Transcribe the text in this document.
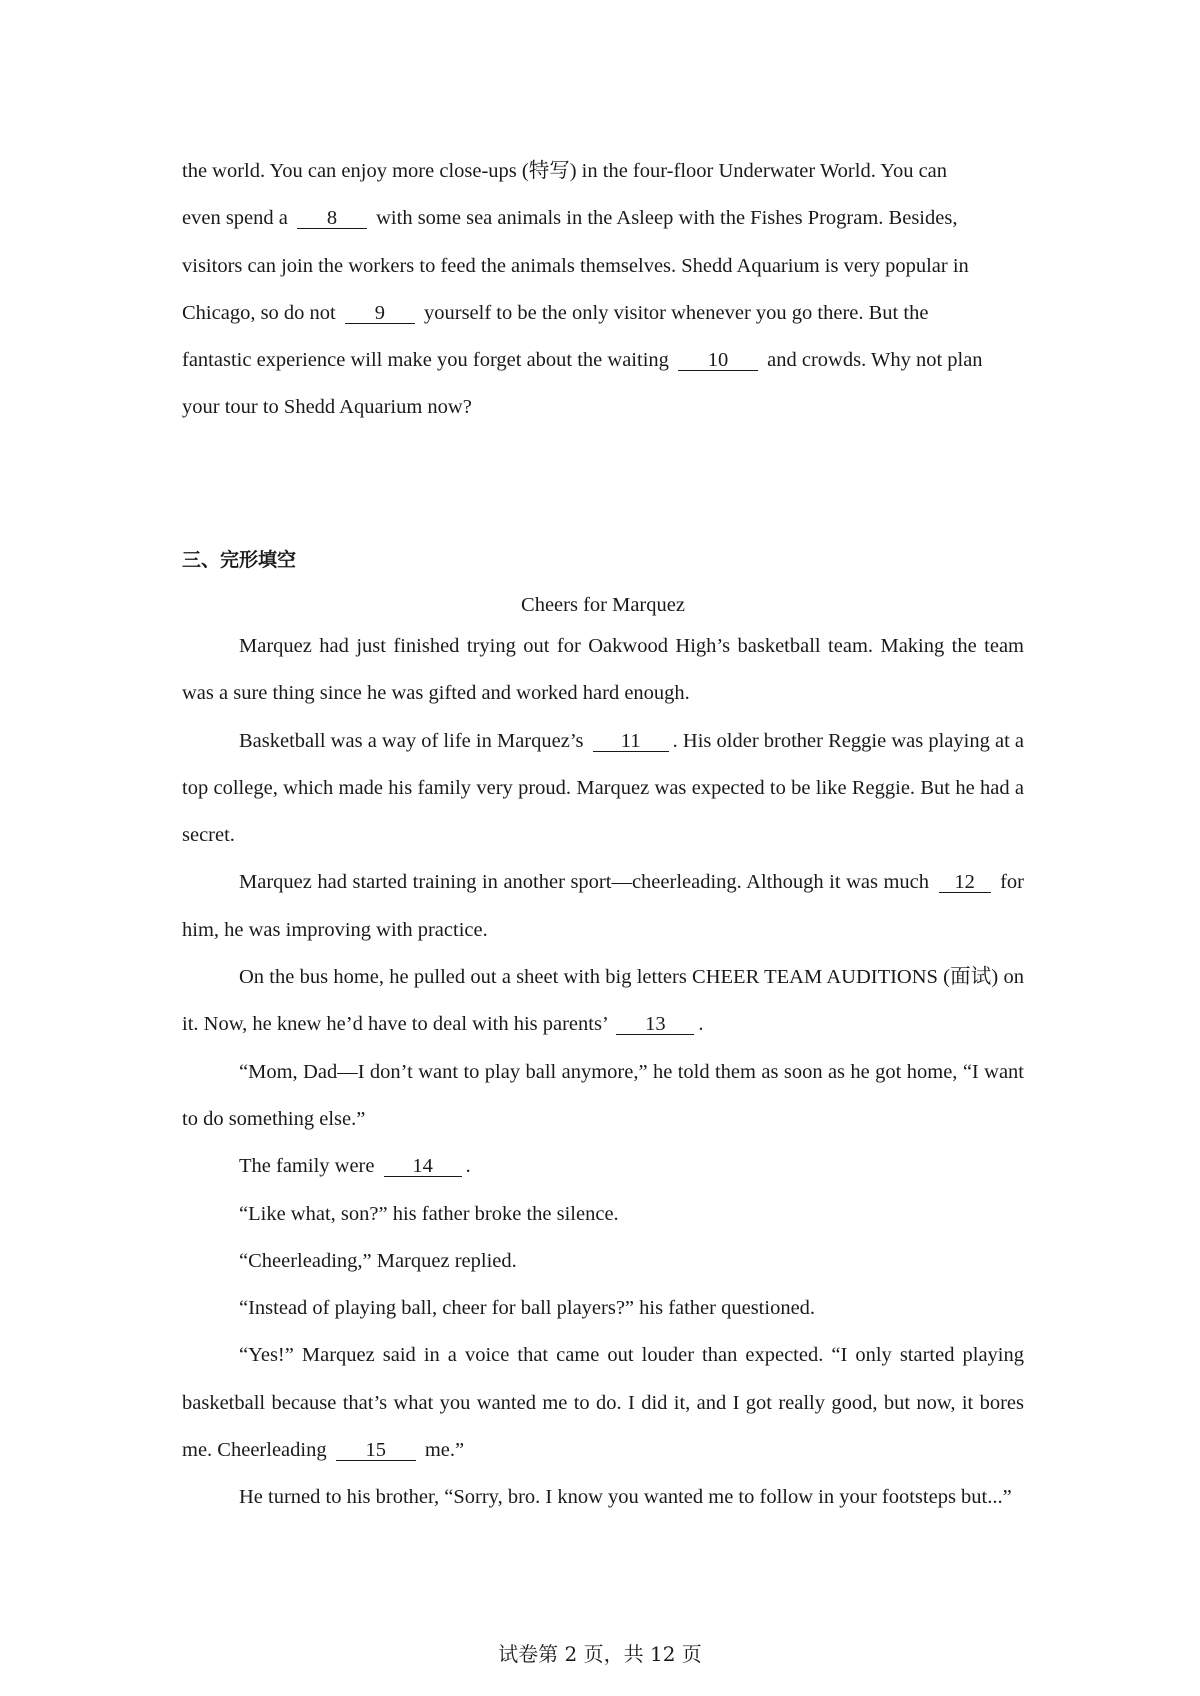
the world. You can enjoy more close-ups (特写) in the four-floor Underwater World. You can

even spend a 8 with some sea animals in the Asleep with the Fishes Program. Besides,

visitors can join the workers to feed the animals themselves. Shedd Aquarium is very popular in

Chicago, so do not 9 yourself to be the only visitor whenever you go there. But the

fantastic experience will make you forget about the waiting 10 and crowds. Why not plan

your tour to Shedd Aquarium now?

三、完形填空

Cheers for Marquez

Marquez had just finished trying out for Oakwood High’s basketball team. Making the team was a sure thing since he was gifted and worked hard enough.

Basketball was a way of life in Marquez’s 11 . His older brother Reggie was playing at a top college, which made his family very proud. Marquez was expected to be like Reggie. But he had a secret.

Marquez had started training in another sport—cheerleading. Although it was much 12 for him, he was improving with practice.

On the bus home, he pulled out a sheet with big letters CHEER TEAM AUDITIONS (面试) on it. Now, he knew he’d have to deal with his parents’ 13 .

“Mom, Dad—I don’t want to play ball anymore,” he told them as soon as he got home, “I want to do something else.”

The family were 14 .

“Like what, son?” his father broke the silence.

“Cheerleading,” Marquez replied.

“Instead of playing ball, cheer for ball players?” his father questioned.

“Yes!” Marquez said in a voice that came out louder than expected. “I only started playing basketball because that’s what you wanted me to do. I did it, and I got really good, but now, it bores me. Cheerleading 15 me.”

He turned to his brother, “Sorry, bro. I know you wanted me to follow in your footsteps but...”

试卷第 2 页，共 12 页
